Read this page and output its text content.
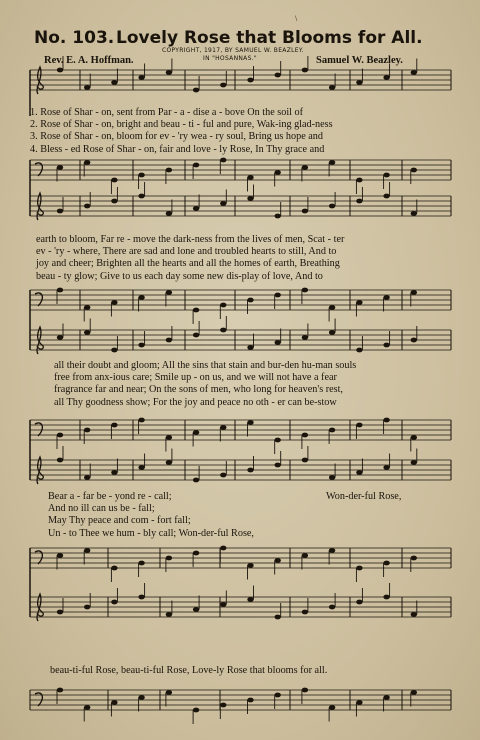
\
No. 103. Lovely Rose that Blooms for All.
COPYRIGHT, 1917, BY SAMUEL W. BEAZLEY.
IN "HOSANNAS."
Rev. E. A. Hoffman.	Samuel W. Beazley.
1. Rose of Shar - on, sent from Par - a - dise a - bove On the soil of
2. Rose of Shar - on, bright and beau - ti - ful and pure, Wak-ing glad-ness
3. Rose of Shar - on, bloom for ev - 'ry wea - ry soul, Bring us hope and
4. Bless - ed Rose of Shar - on, fair and love - ly Rose, In Thy grace and
earth to bloom, Far re - move the dark-ness from the lives of men, Scat - ter
ev - 'ry - where, There are sad and lone and troubled hearts to still, And to
joy and cheer; Brighten all the hearts and all the homes of earth, Breathing
beau - ty glow; Give to us each day some new dis-play of love, And to
all their doubt and gloom; All the sins that stain and bur-den hu-man souls
free from anx-ious care; Smile up - on us, and we will not have a fear
fragrance far and near; On the sons of men, who long for heaven's rest,
all Thy goodness show; For the joy and peace no oth - er can be-stow
Bear a - far be - yond re - call;
And no ill can us be - fall;
May Thy peace and com - fort fall;
Un - to Thee we hum - bly call; Won-der-ful Rose,
Won-der-ful Rose,
beau-ti-ful Rose, beau-ti-ful Rose, Love-ly Rose that blooms for all.
